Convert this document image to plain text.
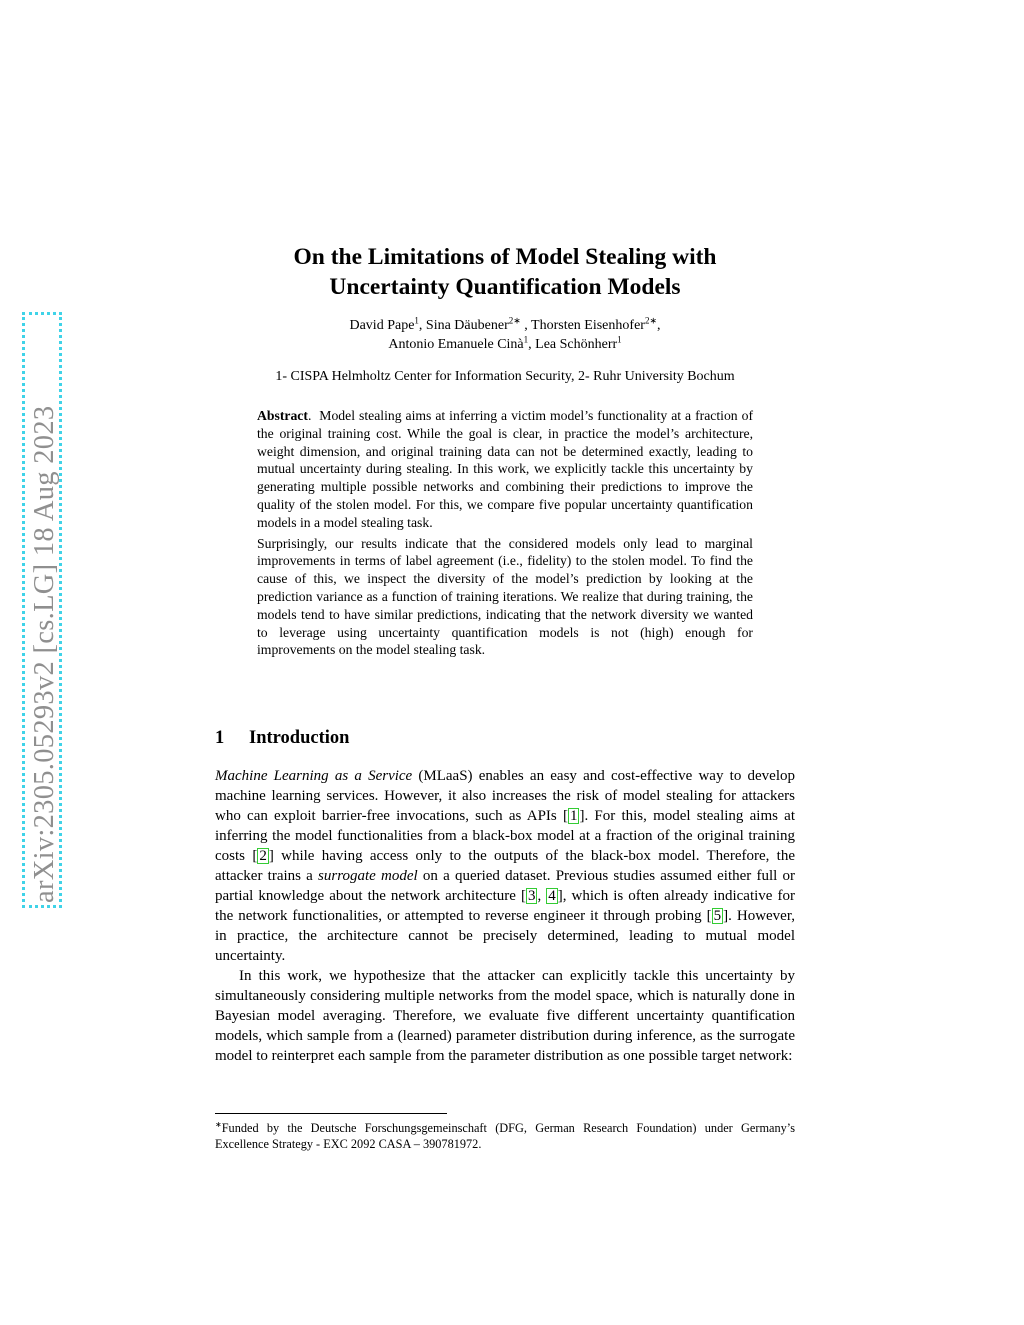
arXiv:2305.05293v2 [cs.LG] 18 Aug 2023
On the Limitations of Model Stealing with
Uncertainty Quantification Models
David Pape$^1$, Sina Däubener$^{2∗}$ , Thorsten Eisenhofer$^{2∗}$,
Antonio Emanuele Cinà$^1$, Lea Schönherr$^1$
1- CISPA Helmholtz Center for Information Security, 2- Ruhr University Bochum

Abstract.  Model stealing aims at inferring a victim model’s functionality at a fraction of the original training cost. While the goal is clear, in practice the model’s architecture, weight dimension, and original training data can not be determined exactly, leading to mutual uncertainty during stealing. In this work, we explicitly tackle this uncertainty by generating multiple possible networks and combining their predictions to improve the quality of the stolen model. For this, we compare five popular uncertainty quantification models in a model stealing task.

Surprisingly, our results indicate that the considered models only lead to marginal improvements in terms of label agreement (i.e., fidelity) to the stolen model. To find the cause of this, we inspect the diversity of the model’s prediction by looking at the prediction variance as a function of training iterations. We realize that during training, the models tend to have similar predictions, indicating that the network diversity we wanted to leverage using uncertainty quantification models is not (high) enough for improvements on the model stealing task.

1 Introduction

Machine Learning as a Service (MLaaS) enables an easy and cost-effective way to develop machine learning services. However, it also increases the risk of model stealing for attackers who can exploit barrier-free invocations, such as APIs [ 1 ]. For this, model stealing aims at inferring the model functionalities from a black-box model at a fraction of the original training costs [ 2 ] while having access only to the outputs of the black-box model. Therefore, the attacker trains a surrogate model on a queried dataset. Previous studies assumed either full or partial knowledge about the network architecture [ 3 , 4 ], which is often already indicative for the network functionalities, or attempted to reverse engineer it through probing [ 5 ]. However, in practice, the architecture cannot be precisely determined, leading to mutual model uncertainty.

In this work, we hypothesize that the attacker can explicitly tackle this uncertainty by simultaneously considering multiple networks from the model space, which is naturally done in Bayesian model averaging. Therefore, we evaluate five different uncertainty quantification models, which sample from a (learned) parameter distribution during inference, as the surrogate model to reinterpret each sample from the parameter distribution as one possible target network:

∗Funded by the Deutsche Forschungsgemeinschaft (DFG, German Research Foundation) under Germany’s Excellence Strategy - EXC 2092 CASA – 390781972.
